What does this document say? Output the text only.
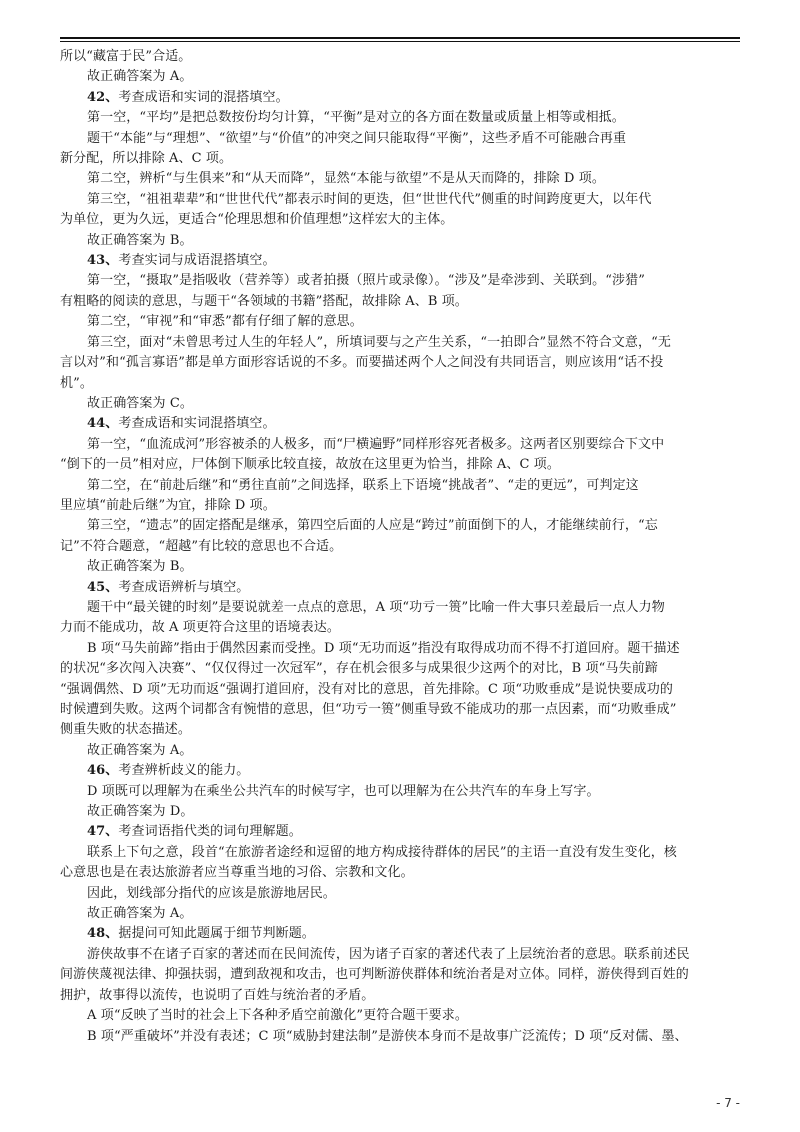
所以“藏富于民”合适。
故正确答案为 A。
42、考查成语和实词的混搭填空。
第一空，“平均”是把总数按份均匀计算，“平衡”是对立的各方面在数量或质量上相等或相抵。
题干“本能”与“理想”、“欲望”与“价值”的冲突之间只能取得“平衡”，这些矛盾不可能融合再重
新分配，所以排除 A、C 项。
第二空，辨析“与生俱来”和“从天而降”，显然“本能与欲望”不是从天而降的，排除 D 项。
第三空，“祖祖辈辈”和“世世代代”都表示时间的更迭，但“世世代代”侧重的时间跨度更大，以年代
为单位，更为久远，更适合“伦理思想和价值理想”这样宏大的主体。
故正确答案为 B。
43、考查实词与成语混搭填空。
第一空，“摄取”是指吸收（营养等）或者拍摄（照片或录像）。“涉及”是牵涉到、关联到。“涉猎”
有粗略的阅读的意思，与题干“各领域的书籍”搭配，故排除 A、B 项。
第二空，“审视”和“审悉”都有仔细了解的意思。
第三空，面对“未曾思考过人生的年轻人”，所填词要与之产生关系，“一拍即合”显然不符合文意，“无
言以对”和“孤言寡语”都是单方面形容话说的不多。而要描述两个人之间没有共同语言，则应该用“话不投
机”。
故正确答案为 C。
44、考查成语和实词混搭填空。
第一空，“血流成河”形容被杀的人极多，而“尸横遍野”同样形容死者极多。这两者区别要综合下文中
“倒下的一员”相对应，尸体倒下顺承比较直接，故放在这里更为恰当，排除 A、C 项。
第二空，在“前赴后继”和“勇往直前”之间选择，联系上下语境“挑战者”、“走的更远”，可判定这
里应填“前赴后继”为宜，排除 D 项。
第三空，“遗志”的固定搭配是继承，第四空后面的人应是“跨过”前面倒下的人，才能继续前行，“忘
记”不符合题意，“超越”有比较的意思也不合适。
故正确答案为 B。
45、考查成语辨析与填空。
题干中“最关键的时刻”是要说就差一点点的意思，A 项“功亏一篑”比喻一件大事只差最后一点人力物
力而不能成功，故 A 项更符合这里的语境表达。
B 项“马失前蹄”指由于偶然因素而受挫。D 项“无功而返”指没有取得成功而不得不打道回府。题干描述
的状况“多次闯入决赛”、“仅仅得过一次冠军”，存在机会很多与成果很少这两个的对比，B 项“马失前蹄
“强调偶然、D 项”无功而返“强调打道回府，没有对比的意思，首先排除。C 项“功败垂成”是说快要成功的
时候遭到失败。这两个词都含有惋惜的意思，但“功亏一篑”侧重导致不能成功的那一点因素，而“功败垂成”
侧重失败的状态描述。
故正确答案为 A。
46、考查辨析歧义的能力。
D 项既可以理解为在乘坐公共汽车的时候写字，也可以理解为在公共汽车的车身上写字。
故正确答案为 D。
47、考查词语指代类的词句理解题。
联系上下句之意，段首“在旅游者途经和逗留的地方构成接待群体的居民”的主语一直没有发生变化，核
心意思也是在表达旅游者应当尊重当地的习俗、宗教和文化。
因此，划线部分指代的应该是旅游地居民。
故正确答案为 A。
48、据提问可知此题属于细节判断题。
游侠故事不在诸子百家的著述而在民间流传，因为诸子百家的著述代表了上层统治者的意思。联系前述民
间游侠蔑视法律、抑强扶弱，遭到敌视和攻击，也可判断游侠群体和统治者是对立体。同样，游侠得到百姓的
拥护，故事得以流传，也说明了百姓与统治者的矛盾。
A 项“反映了当时的社会上下各种矛盾空前激化”更符合题干要求。
B 项“严重破坏”并没有表述；C 项“威胁封建法制”是游侠本身而不是故事广泛流传；D 项“反对儒、墨、
- 7 -
